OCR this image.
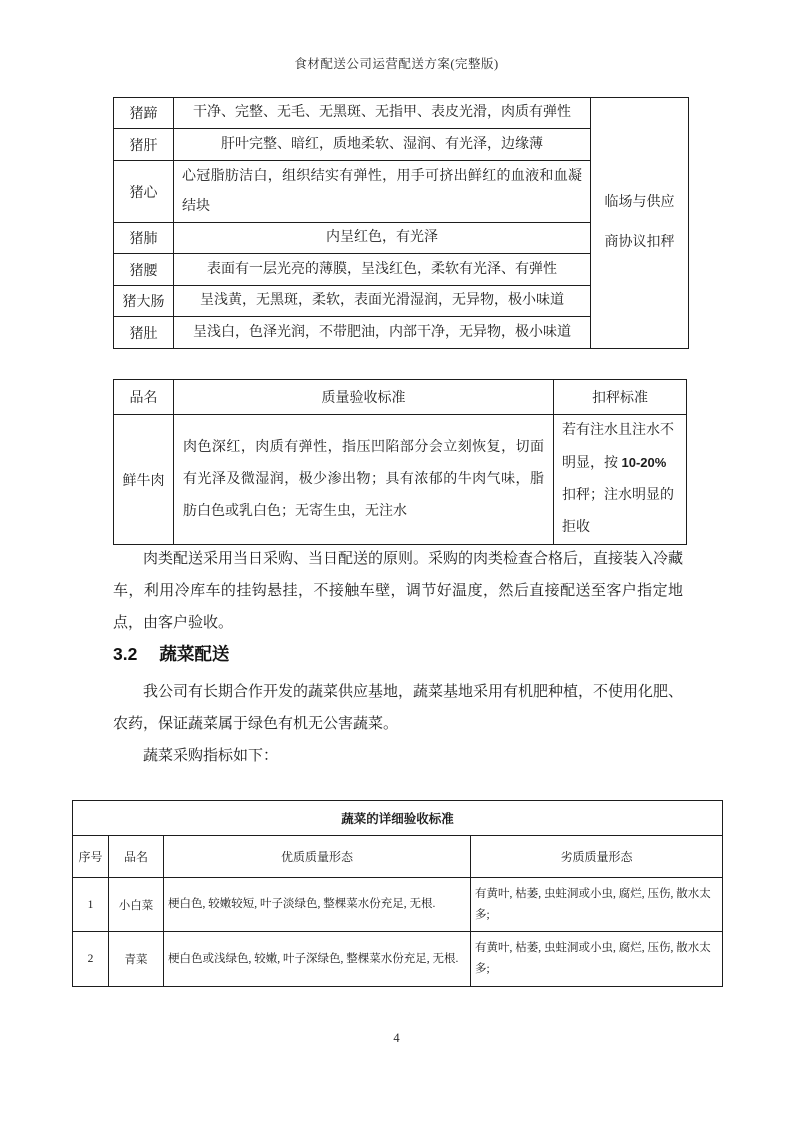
食材配送公司运营配送方案(完整版)
猪蹄	干净、完整、无毛、无黑斑、无指甲、表皮光滑，肉质有弹性	临场与供应商协议扣秤
猪肝	肝叶完整、暗红，质地柔软、湿润、有光泽，边缘薄	
猪心	心冠脂肪洁白，组织结实有弹性，用手可挤出鲜红的血液和血凝结块	
猪肺	内呈红色，有光泽	
猪腰	表面有一层光亮的薄膜，呈浅红色，柔软有光泽、有弹性	
猪大肠	呈浅黄，无黑斑，柔软，表面光滑湿润，无异物，极小味道	
猪肚	呈浅白，色泽光润，不带肥油，内部干净，无异物，极小味道	
品名	质量验收标准	扣秤标准
鲜牛肉	肉色深红，肉质有弹性，指压凹陷部分会立刻恢复，切面有光泽及微湿润，极少渗出物；具有浓郁的牛肉气味，脂肪白色或乳白色；无寄生虫，无注水	若有注水且注水不明显，按 10-20%扣秤；注水明显的拒收

肉类配送采用当日采购、当日配送的原则。采购的肉类检查合格后，直接装入冷藏车，利用冷库车的挂钩悬挂，不接触车壁，调节好温度，然后直接配送至客户指定地点，由客户验收。

3.2 蔬菜配送

我公司有长期合作开发的蔬菜供应基地，蔬菜基地采用有机肥种植，不使用化肥、农药，保证蔬菜属于绿色有机无公害蔬菜。

蔬菜采购指标如下：

蔬菜的详细验收标准			
序号	品名	优质质量形态	劣质质量形态
1	小白菜	梗白色, 较嫩较短, 叶子淡绿色, 整棵菜水份充足, 无根.	有黄叶, 枯萎, 虫蛀洞或小虫, 腐烂, 压伤, 散水太多;
2	青菜	梗白色或浅绿色, 较嫩, 叶子深绿色, 整棵菜水份充足, 无根.	有黄叶, 枯萎, 虫蛀洞或小虫, 腐烂, 压伤, 散水太多;
4
